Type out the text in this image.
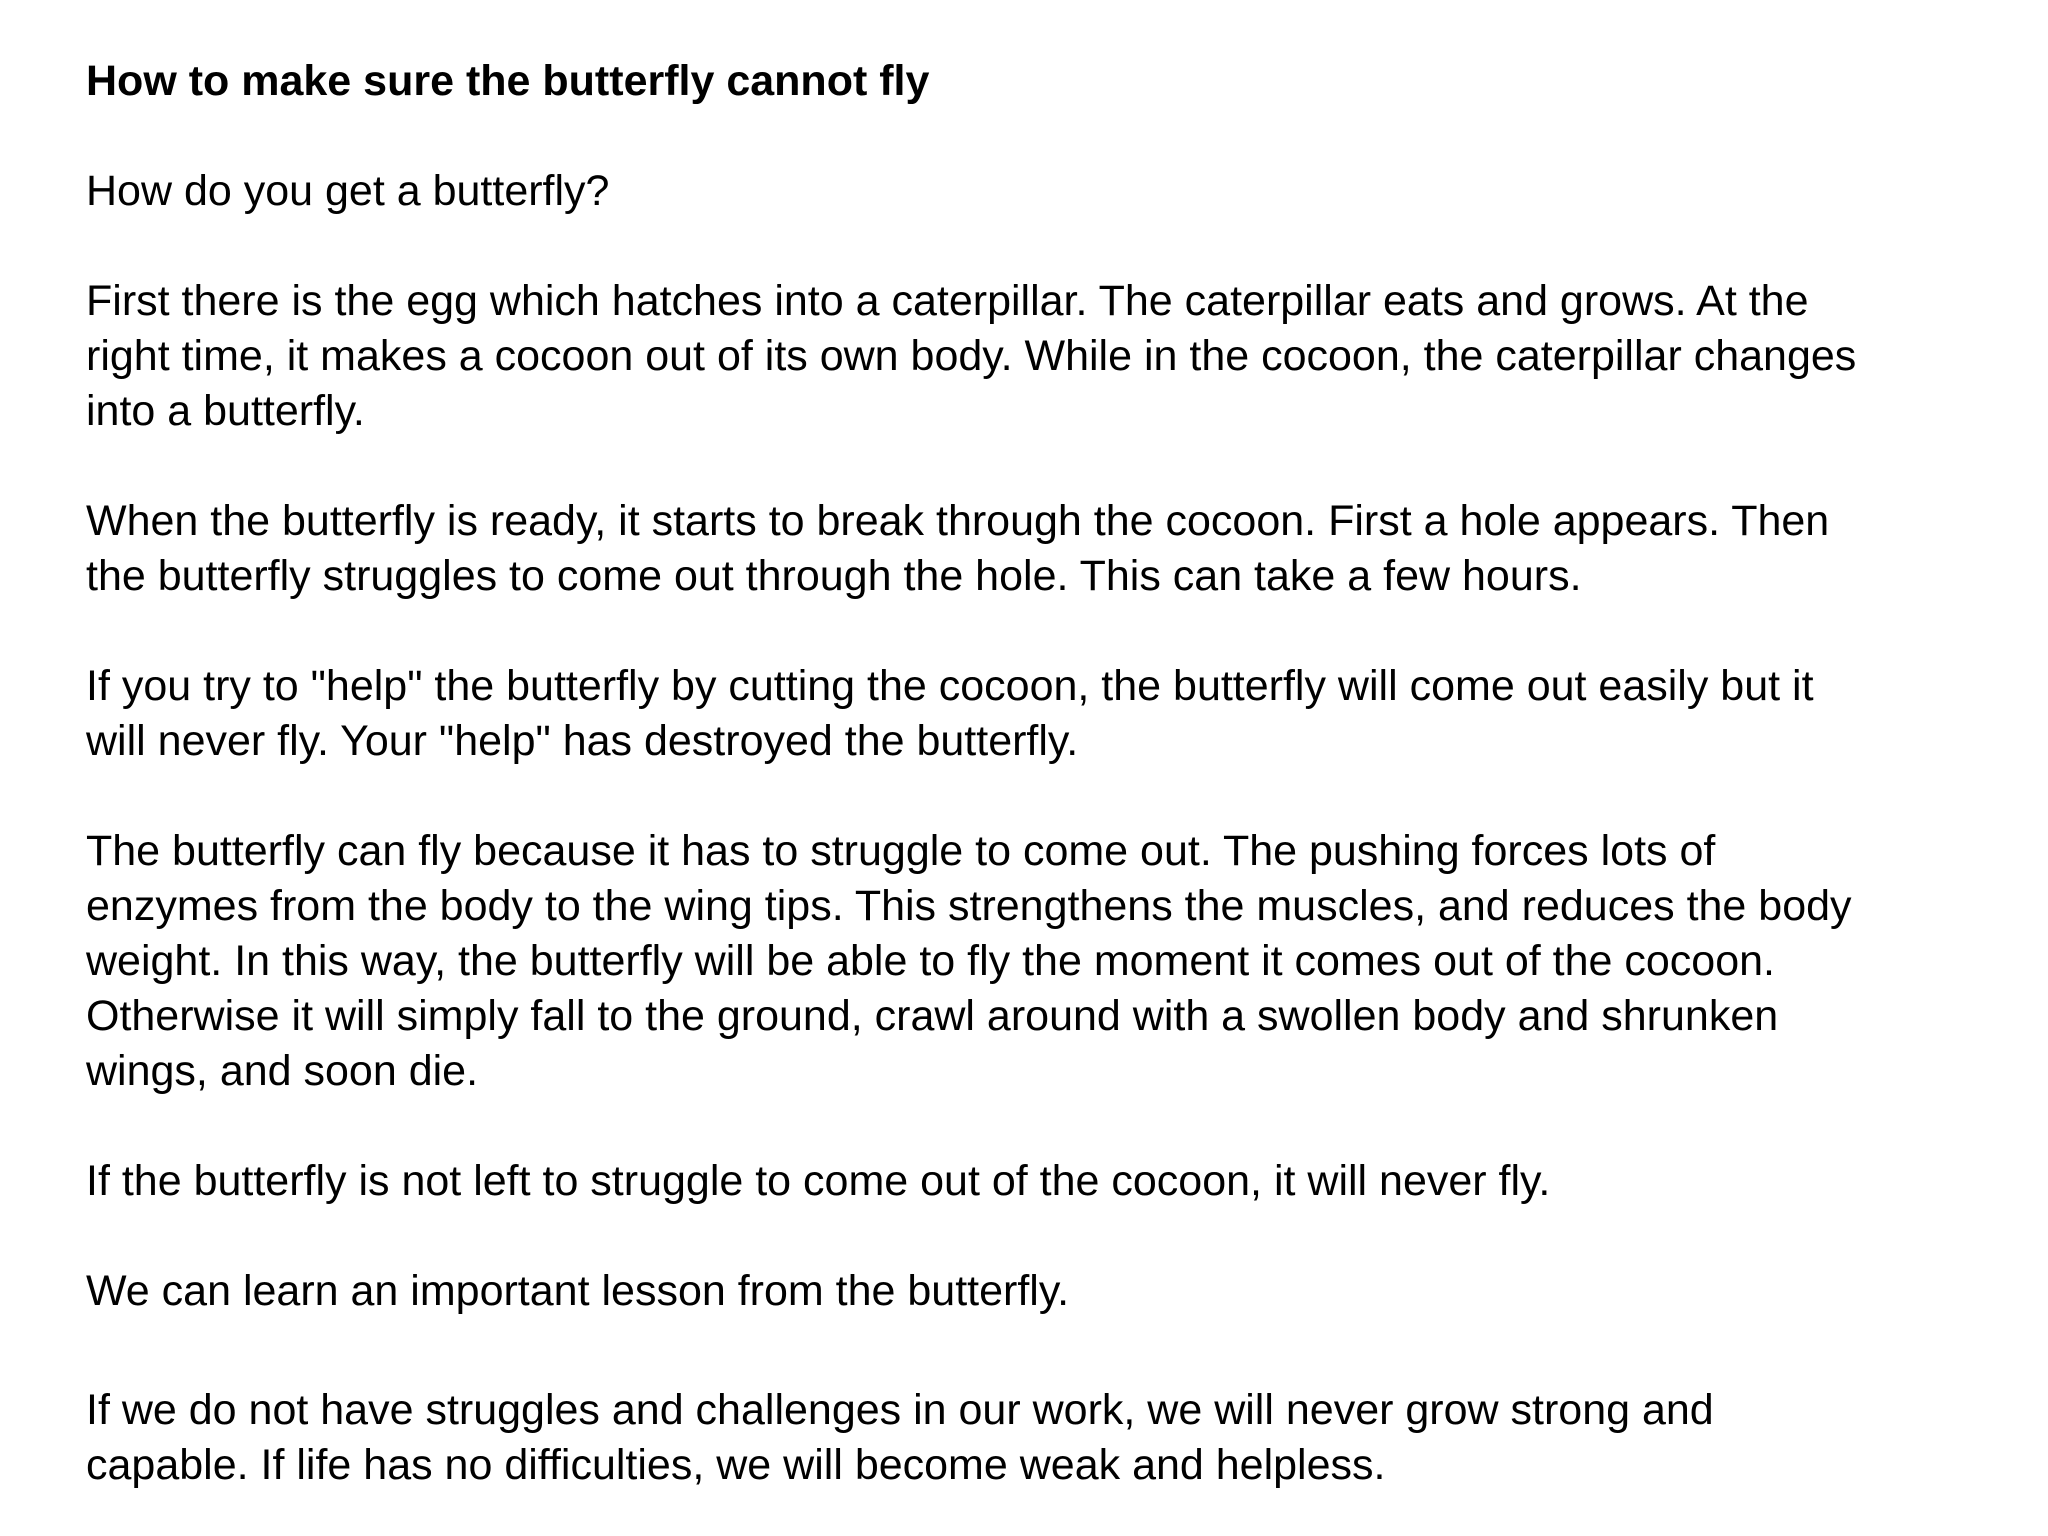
How to make sure the butterfly cannot fly

How do you get a butterfly?

First there is the egg which hatches into a caterpillar. The caterpillar eats and grows. At the
right time, it makes a cocoon out of its own body. While in the cocoon, the caterpillar changes
into a butterfly.

When the butterfly is ready, it starts to break through the cocoon. First a hole appears. Then
the butterfly struggles to come out through the hole. This can take a few hours.

If you try to "help" the butterfly by cutting the cocoon, the butterfly will come out easily but it
will never fly. Your "help" has destroyed the butterfly.

The butterfly can fly because it has to struggle to come out. The pushing forces lots of
enzymes from the body to the wing tips. This strengthens the muscles, and reduces the body
weight. In this way, the butterfly will be able to fly the moment it comes out of the cocoon.
Otherwise it will simply fall to the ground, crawl around with a swollen body and shrunken
wings, and soon die.

If the butterfly is not left to struggle to come out of the cocoon, it will never fly.

We can learn an important lesson from the butterfly.

If we do not have struggles and challenges in our work, we will never grow strong and
capable. If life has no difficulties, we will become weak and helpless.
